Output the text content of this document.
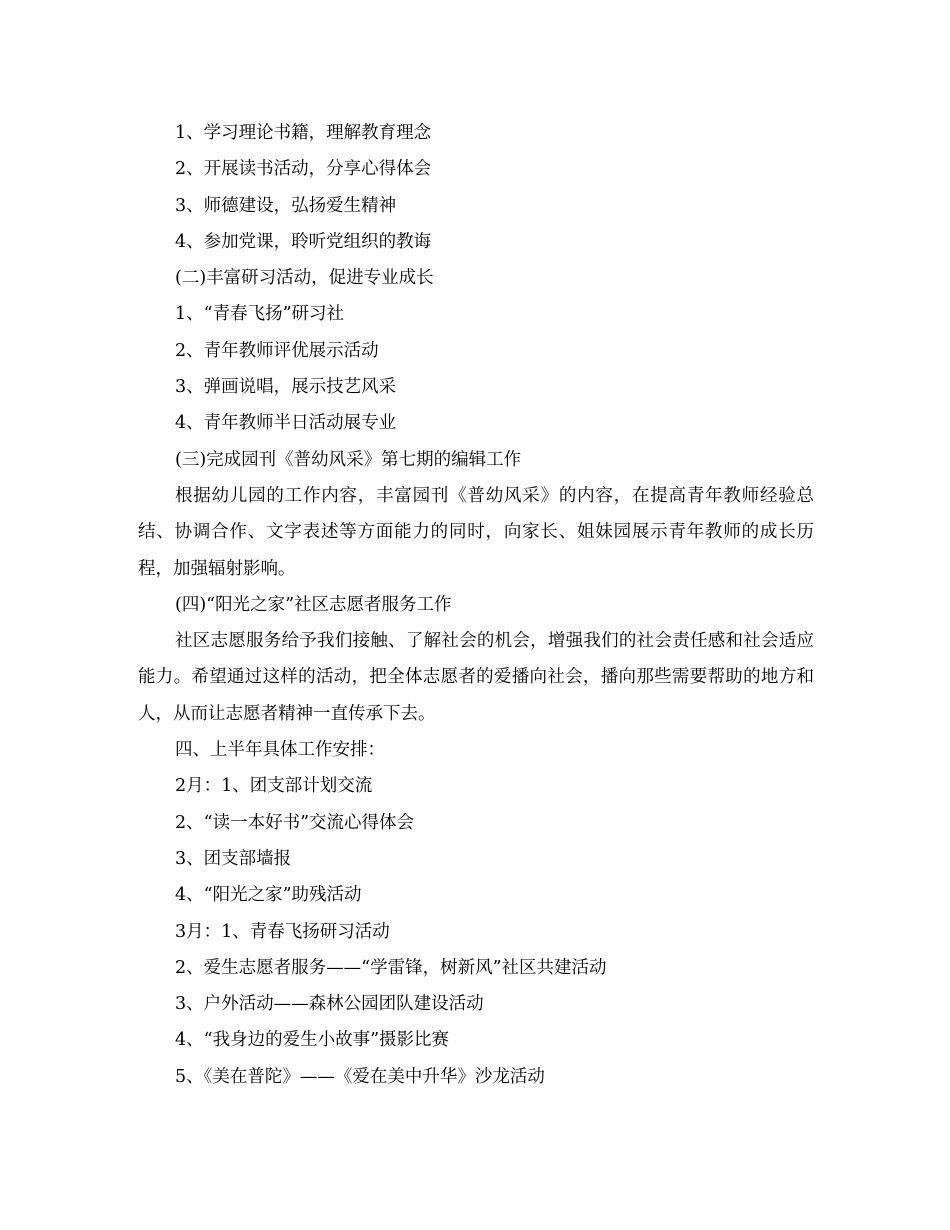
1、学习理论书籍，理解教育理念

2、开展读书活动，分享心得体会

3、师德建设，弘扬爱生精神

4、参加党课，聆听党组织的教诲

(二)丰富研习活动，促进专业成长

1、“青春飞扬”研习社

2、青年教师评优展示活动

3、弹画说唱，展示技艺风采

4、青年教师半日活动展专业

(三)完成园刊《普幼风采》第七期的编辑工作

根据幼儿园的工作内容，丰富园刊《普幼风采》的内容，在提高青年教师经验总结、协调合作、文字表述等方面能力的同时，向家长、姐妹园展示青年教师的成长历程，加强辐射影响。

(四)“阳光之家”社区志愿者服务工作

社区志愿服务给予我们接触、了解社会的机会，增强我们的社会责任感和社会适应能力。希望通过这样的活动，把全体志愿者的爱播向社会，播向那些需要帮助的地方和人，从而让志愿者精神一直传承下去。

四、上半年具体工作安排：

2月：1、团支部计划交流

2、“读一本好书”交流心得体会

3、团支部墙报

4、“阳光之家”助残活动

3月：1、青春飞扬研习活动

2、爱生志愿者服务——“学雷锋，树新风”社区共建活动

3、户外活动——森林公园团队建设活动

4、“我身边的爱生小故事”摄影比赛

5、《美在普陀》——《爱在美中升华》沙龙活动
